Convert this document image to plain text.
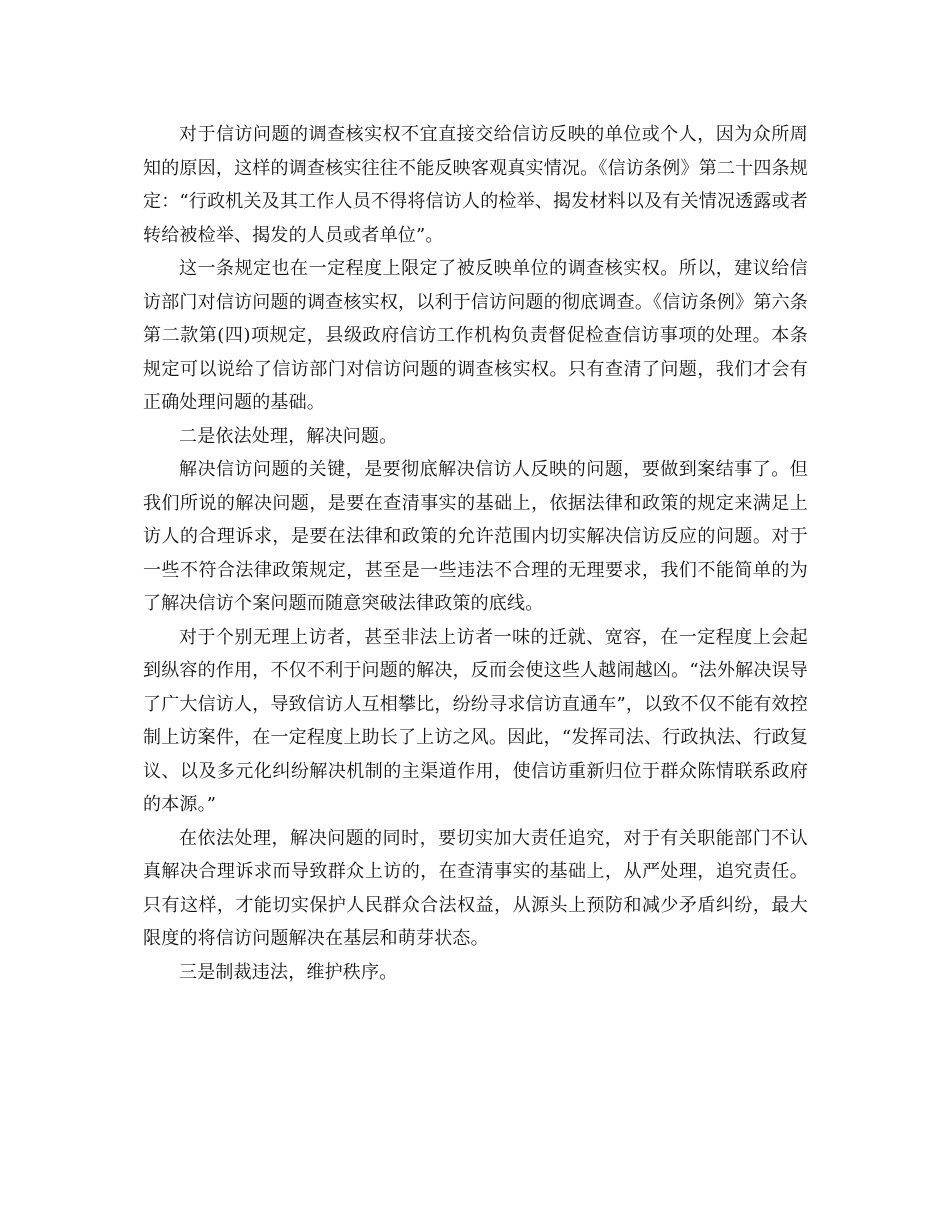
对于信访问题的调查核实权不宜直接交给信访反映的单位或个人，因为众所周知的原因，这样的调查核实往往不能反映客观真实情况。《信访条例》第二十四条规定：“行政机关及其工作人员不得将信访人的检举、揭发材料以及有关情况透露或者转给被检举、揭发的人员或者单位”。

这一条规定也在一定程度上限定了被反映单位的调查核实权。所以，建议给信访部门对信访问题的调查核实权，以利于信访问题的彻底调查。《信访条例》第六条第二款第(四)项规定，县级政府信访工作机构负责督促检查信访事项的处理。本条规定可以说给了信访部门对信访问题的调查核实权。只有查清了问题，我们才会有正确处理问题的基础。

二是依法处理，解决问题。

解决信访问题的关键，是要彻底解决信访人反映的问题，要做到案结事了。但我们所说的解决问题，是要在查清事实的基础上，依据法律和政策的规定来满足上访人的合理诉求，是要在法律和政策的允许范围内切实解决信访反应的问题。对于一些不符合法律政策规定，甚至是一些违法不合理的无理要求，我们不能简单的为了解决信访个案问题而随意突破法律政策的底线。

对于个别无理上访者，甚至非法上访者一味的迁就、宽容，在一定程度上会起到纵容的作用，不仅不利于问题的解决，反而会使这些人越闹越凶。“法外解决误导了广大信访人，导致信访人互相攀比，纷纷寻求信访直通车”，以致不仅不能有效控制上访案件，在一定程度上助长了上访之风。因此，“发挥司法、行政执法、行政复议、以及多元化纠纷解决机制的主渠道作用，使信访重新归位于群众陈情联系政府的本源。”

在依法处理，解决问题的同时，要切实加大责任追究，对于有关职能部门不认真解决合理诉求而导致群众上访的，在查清事实的基础上，从严处理，追究责任。只有这样，才能切实保护人民群众合法权益，从源头上预防和减少矛盾纠纷，最大限度的将信访问题解决在基层和萌芽状态。

三是制裁违法，维护秩序。
